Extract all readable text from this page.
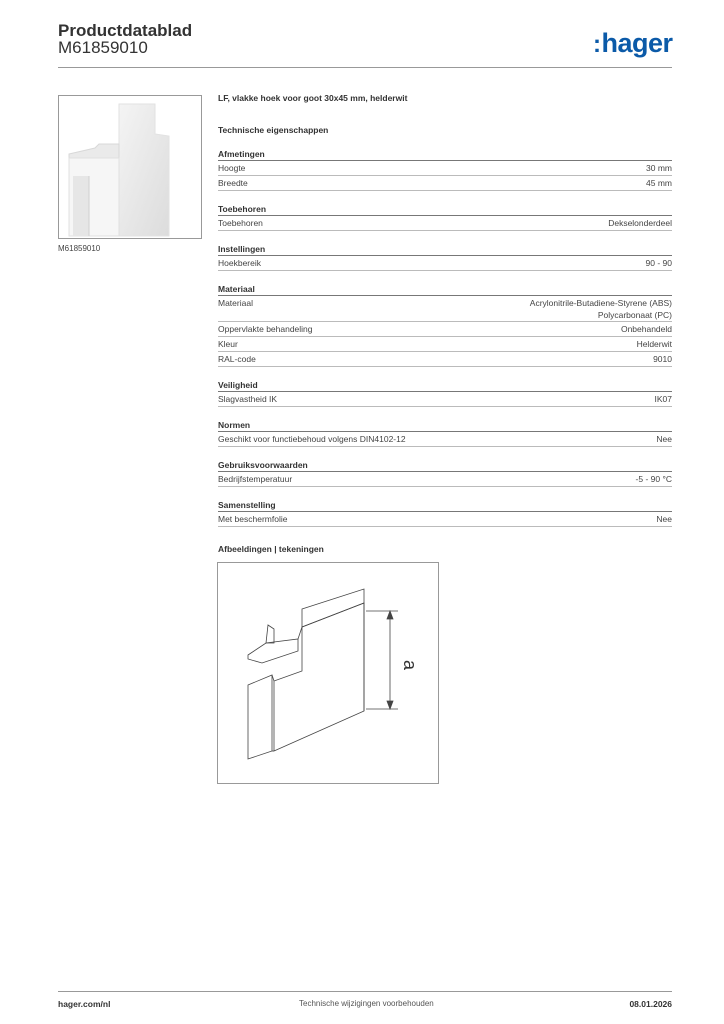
Productdatablad
M61859010	:hager
M61859010
LF, vlakke hoek voor goot 30x45 mm, helderwit
Technische eigenschappen
Afmetingen
Hoogte	30 mm
Breedte	45 mm
Toebehoren
Toebehoren	Dekselonderdeel
Instellingen
Hoekbereik	90 - 90
Materiaal
Materiaal	Acrylonitrile-Butadiene-Styrene (ABS)
Polycarbonaat (PC)
Oppervlakte behandeling	Onbehandeld
Kleur	Helderwit
RAL-code	9010
Veiligheid
Slagvastheid IK	IK07
Normen
Geschikt voor functiebehoud volgens DIN4102-12	Nee
Gebruiksvoorwaarden
Bedrijfstemperatuur	-5 - 90 °C
Samenstelling
Met beschermfolie	Nee
Afbeeldingen | tekeningen
a
hager.com/nl	Technische wijzigingen voorbehouden	08.01.2026
